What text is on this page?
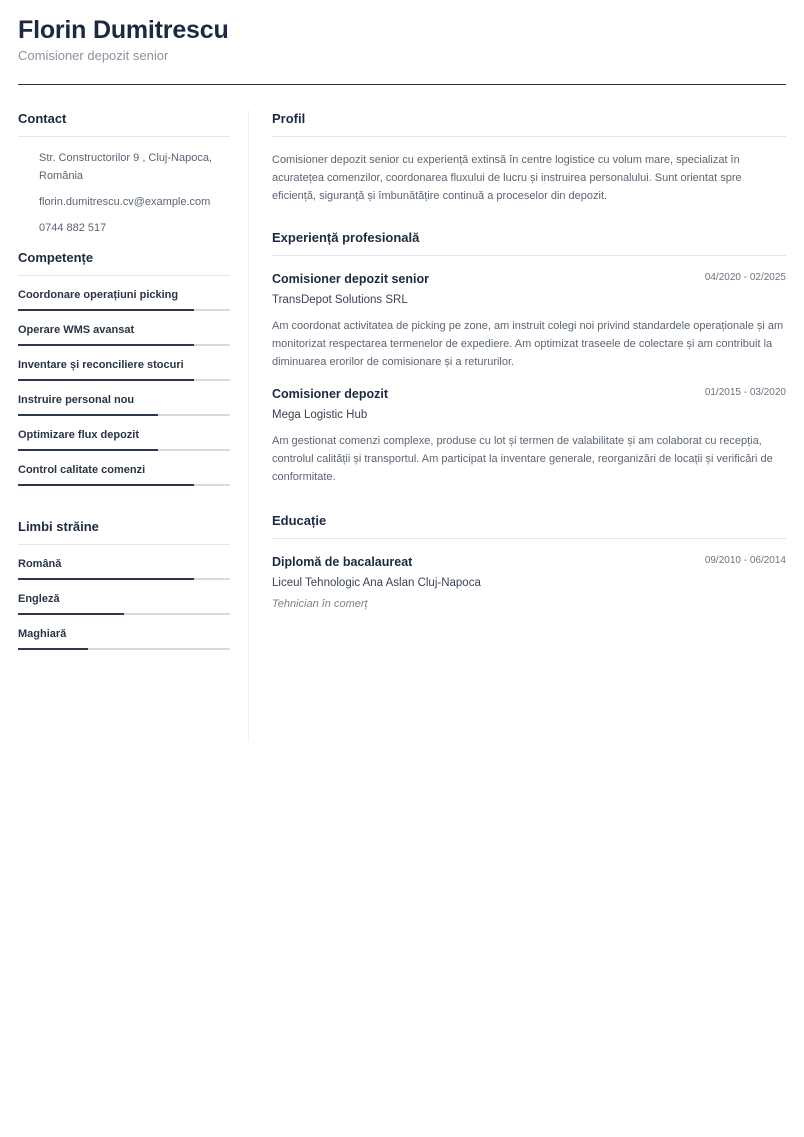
Florin Dumitrescu
Comisioner depozit senior
Contact
Str. Constructorilor 9 , Cluj-Napoca, România
florin.dumitrescu.cv@example.com
0744 882 517
Competențe
Coordonare operațiuni picking
Operare WMS avansat
Inventare și reconciliere stocuri
Instruire personal nou
Optimizare flux depozit
Control calitate comenzi
Limbi străine
Română
Engleză
Maghiară
Profil
Comisioner depozit senior cu experiență extinsă în centre logistice cu volum mare, specializat în acuratețea comenzilor, coordonarea fluxului de lucru și instruirea personalului. Sunt orientat spre eficiență, siguranță și îmbunătățire continuă a proceselor din depozit.
Experiență profesională
Comisioner depozit senior	04/2020 - 02/2025
TransDepot Solutions SRL
Am coordonat activitatea de picking pe zone, am instruit colegi noi privind standardele operaționale și am monitorizat respectarea termenelor de expediere. Am optimizat traseele de colectare și am contribuit la diminuarea erorilor de comisionare și a retururilor.
Comisioner depozit	01/2015 - 03/2020
Mega Logistic Hub
Am gestionat comenzi complexe, produse cu lot și termen de valabilitate și am colaborat cu recepția, controlul calității și transportul. Am participat la inventare generale, reorganizări de locații și verificări de conformitate.
Educație
Diplomă de bacalaureat	09/2010 - 06/2014
Liceul Tehnologic Ana Aslan Cluj-Napoca
Tehnician în comerț
